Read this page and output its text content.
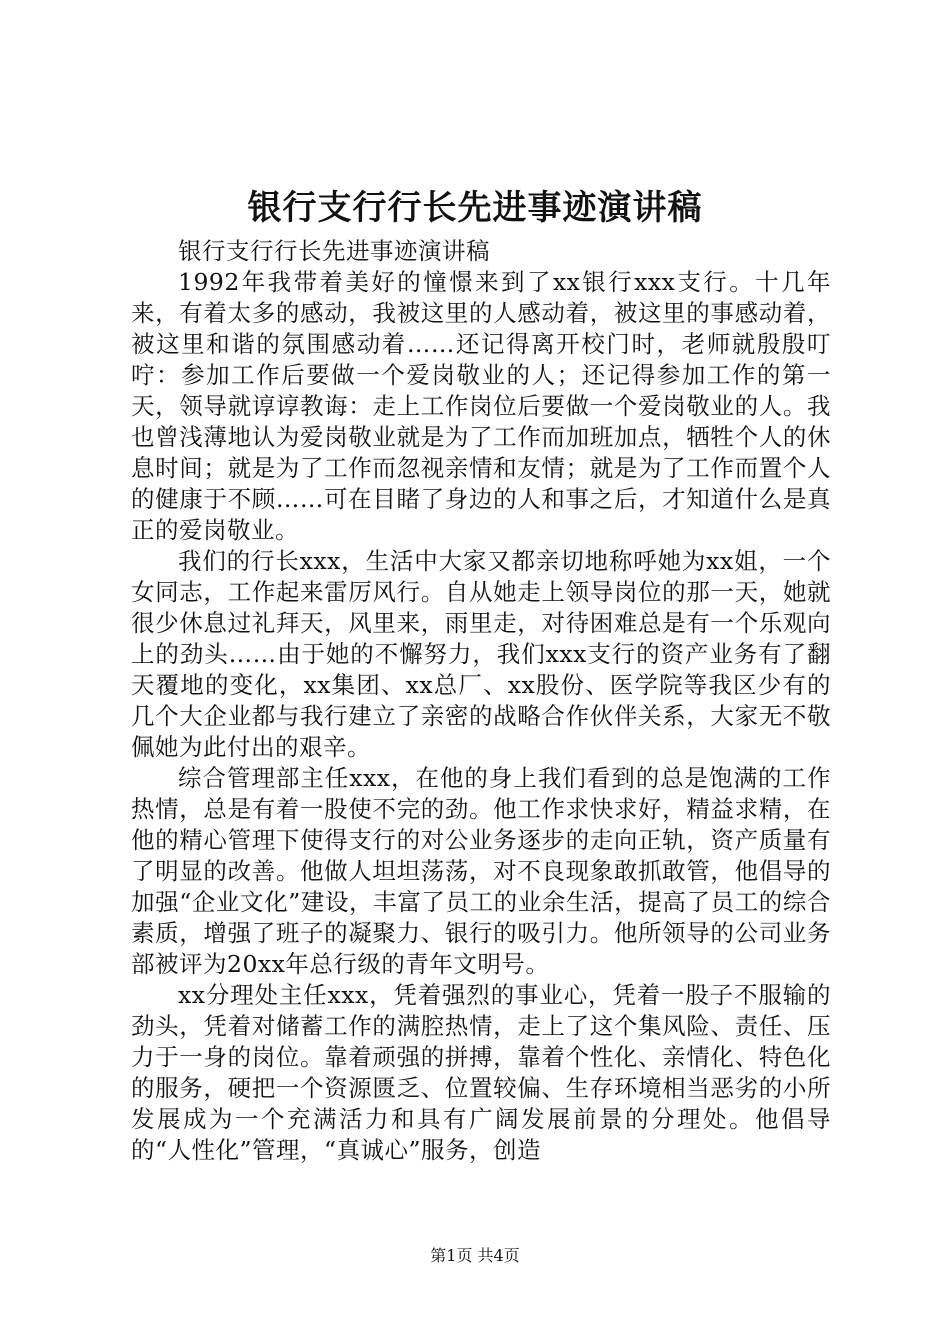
银行支行行长先进事迹演讲稿

银行支行行长先进事迹演讲稿

1992年我带着美好的憧憬来到了xx银行xxx支行。十几年来，有着太多的感动，我被这里的人感动着，被这里的事感动着，被这里和谐的氛围感动着……还记得离开校门时，老师就殷殷叮咛：参加工作后要做一个爱岗敬业的人；还记得参加工作的第一天，领导就谆谆教诲：走上工作岗位后要做一个爱岗敬业的人。我也曾浅薄地认为爱岗敬业就是为了工作而加班加点，牺牲个人的休息时间；就是为了工作而忽视亲情和友情；就是为了工作而置个人的健康于不顾……可在目睹了身边的人和事之后，才知道什么是真正的爱岗敬业。

我们的行长xxx，生活中大家又都亲切地称呼她为xx姐，一个女同志，工作起来雷厉风行。自从她走上领导岗位的那一天，她就很少休息过礼拜天，风里来，雨里走，对待困难总是有一个乐观向上的劲头……由于她的不懈努力，我们xxx支行的资产业务有了翻天覆地的变化，xx集团、xx总厂、xx股份、医学院等我区少有的几个大企业都与我行建立了亲密的战略合作伙伴关系，大家无不敬佩她为此付出的艰辛。

综合管理部主任xxx，在他的身上我们看到的总是饱满的工作热情，总是有着一股使不完的劲。他工作求快求好，精益求精，在他的精心管理下使得支行的对公业务逐步的走向正轨，资产质量有了明显的改善。他做人坦坦荡荡，对不良现象敢抓敢管，他倡导的加强“企业文化”建设，丰富了员工的业余生活，提高了员工的综合素质，增强了班子的凝聚力、银行的吸引力。他所领导的公司业务部被评为20xx年总行级的青年文明号。

xx分理处主任xxx，凭着强烈的事业心，凭着一股子不服输的劲头，凭着对储蓄工作的满腔热情，走上了这个集风险、责任、压力于一身的岗位。靠着顽强的拼搏，靠着个性化、亲情化、特色化的服务，硬把一个资源匮乏、位置较偏、生存环境相当恶劣的小所发展成为一个充满活力和具有广阔发展前景的分理处。他倡导的“人性化”管理，“真诚心”服务，创造

第1页 共4页
